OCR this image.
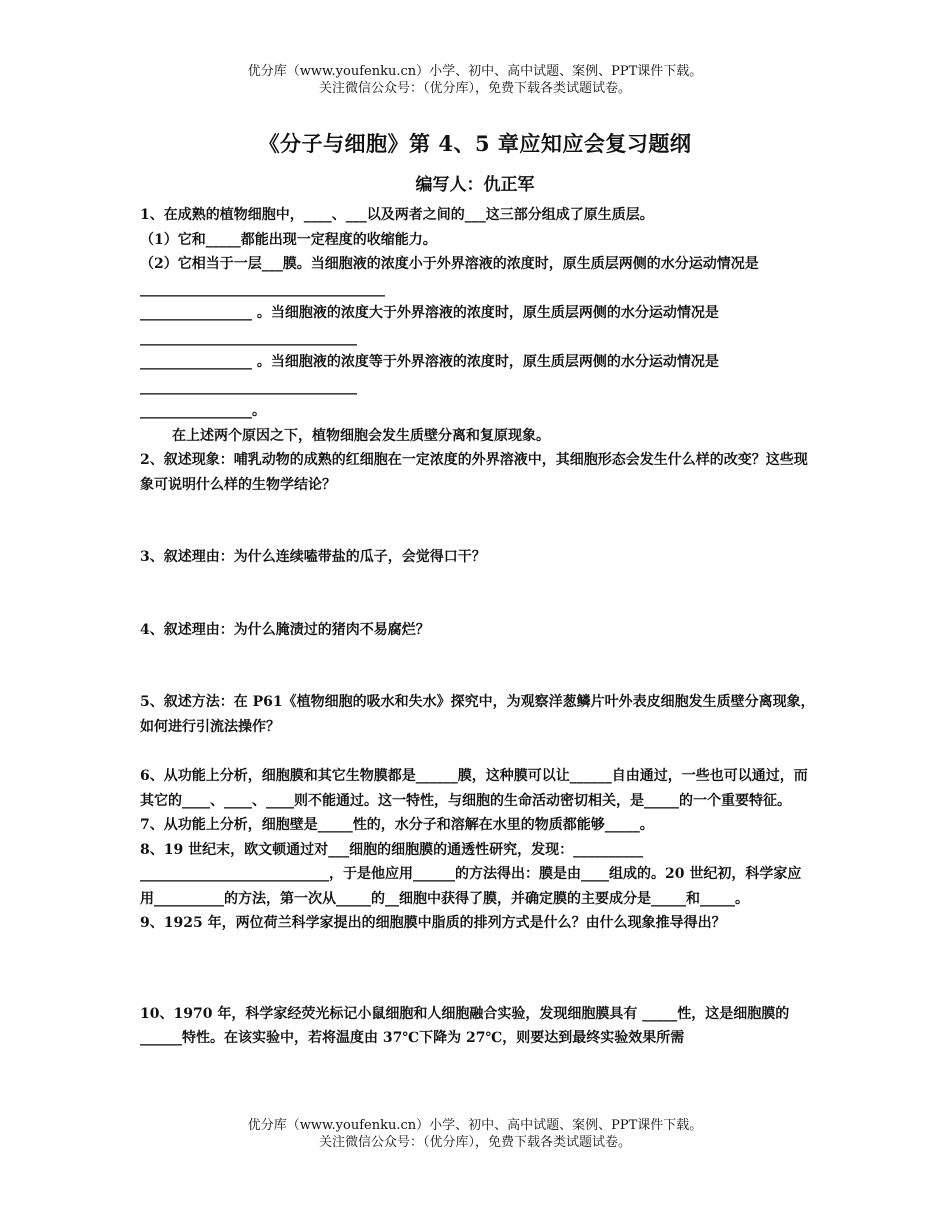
优分库（www.youfenku.cn）小学、初中、高中试题、案例、PPT课件下载。
关注微信公众号：（优分库），免费下载各类试题试卷。
《分子与细胞》第 4、5 章应知应会复习题纲
编写人：仇正军

1、在成熟的植物细胞中，____、___以及两者之间的___这三部分组成了原生质层。

（1）它和_____都能出现一定程度的收缩能力。

（2）它相当于一层___膜。当细胞液的浓度小于外界溶液的浓度时，原生质层两侧的水分运动情况是___________________________________

________________ 。当细胞液的浓度大于外界溶液的浓度时，原生质层两侧的水分运动情况是_______________________________

________________ 。当细胞液的浓度等于外界溶液的浓度时，原生质层两侧的水分运动情况是_______________________________

________________。

在上述两个原因之下，植物细胞会发生质壁分离和复原现象。

2、叙述现象：哺乳动物的成熟的红细胞在一定浓度的外界溶液中，其细胞形态会发生什么样的改变？这些现象可说明什么样的生物学结论？

3、叙述理由：为什么连续嗑带盐的瓜子，会觉得口干？

4、叙述理由：为什么腌渍过的猪肉不易腐烂？

5、叙述方法：在 P61《植物细胞的吸水和失水》探究中，为观察洋葱鳞片叶外表皮细胞发生质壁分离现象，如何进行引流法操作？

6、从功能上分析，细胞膜和其它生物膜都是______膜，这种膜可以让______自由通过，一些也可以通过，而其它的____、____、____则不能通过。这一特性，与细胞的生命活动密切相关，是_____的一个重要特征。

7、从功能上分析，细胞壁是_____性的，水分子和溶解在水里的物质都能够_____。

8、19 世纪末，欧文顿通过对___细胞的细胞膜的通透性研究，发现：__________ ___________________________，于是他应用______的方法得出：膜是由____组成的。20 世纪初，科学家应用__________的方法，第一次从_____的__细胞中获得了膜，并确定膜的主要成分是_____和_____。

9、1925 年，两位荷兰科学家提出的细胞膜中脂质的排列方式是什么？由什么现象推导得出？

10、1970 年，科学家经荧光标记小鼠细胞和人细胞融合实验，发现细胞膜具有 _____性，这是细胞膜的______特性。在该实验中，若将温度由 37℃下降为 27℃，则要达到最终实验效果所需

优分库（www.youfenku.cn）小学、初中、高中试题、案例、PPT课件下载。
关注微信公众号：（优分库），免费下载各类试题试卷。
